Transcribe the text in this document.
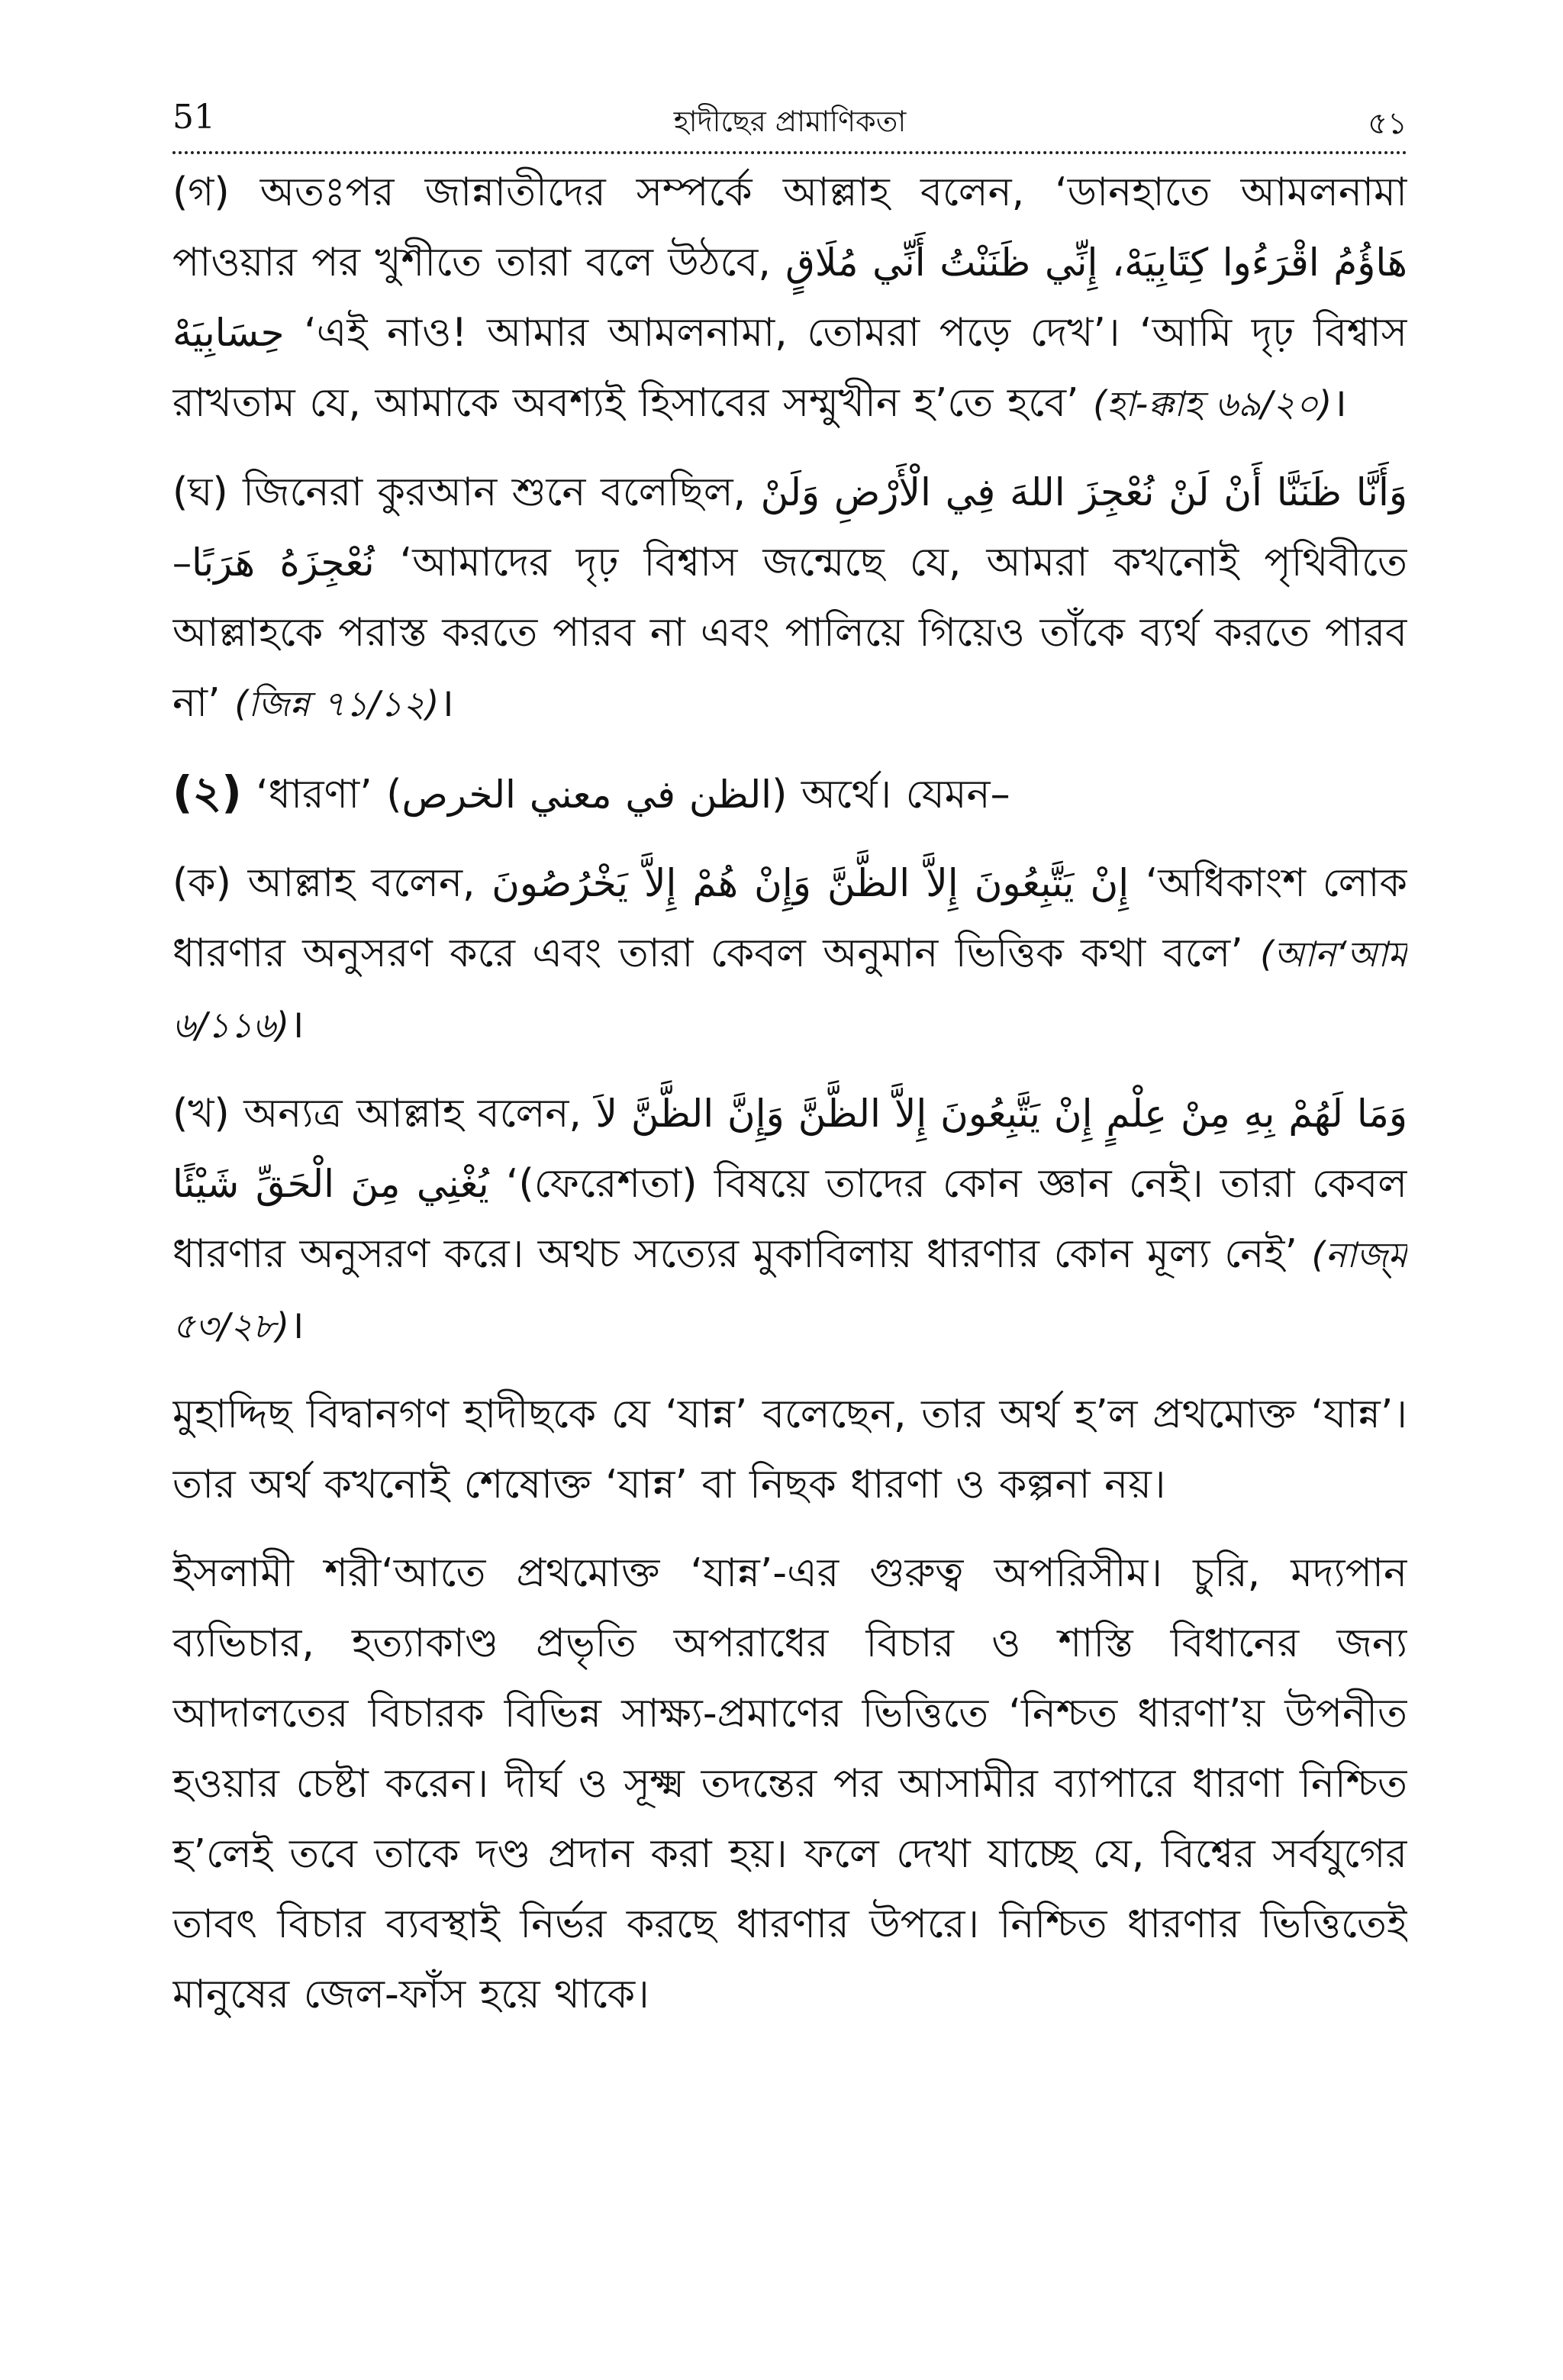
51	হাদীছের প্রামাণিকতা	৫১

(গ) অতঃপর জান্নাতীদের সম্পর্কে আল্লাহ বলেন, ‘ডানহাতে আমলনামা পাওয়ার পর খুশীতে তারা বলে উঠবে, هَاؤُمُ اقْرَءُوا كِتَابِيَهْ، إِنِّي ظَنَنْتُ أَنِّي مُلَاقٍ حِسَابِيَهْ ‘এই নাও! আমার আমলনামা, তোমরা পড়ে দেখ’। ‘আমি দৃঢ় বিশ্বাস রাখতাম যে, আমাকে অবশ্যই হিসাবের সম্মুখীন হ’তে হবে’ (হা-ক্কাহ ৬৯/২০)।

(ঘ) জিনেরা কুরআন শুনে বলেছিল, وَأَنَّا ظَنَنَّا أَنْ لَنْ نُعْجِزَ اللهَ فِي الْأَرْضِ وَلَنْ نُعْجِزَهُ هَرَبًا– ‘আমাদের দৃঢ় বিশ্বাস জন্মেছে যে, আমরা কখনোই পৃথিবীতে আল্লাহকে পরাস্ত করতে পারব না এবং পালিয়ে গিয়েও তাঁকে ব্যর্থ করতে পারব না’ (জিন্ন ৭১/১২)।

(২) ‘ধারণা’ (الظن في معني الخرص) অর্থে। যেমন–

(ক) আল্লাহ বলেন, إِنْ يَتَّبِعُونَ إِلاَّ الظَّنَّ وَإِنْ هُمْ إِلاَّ يَخْرُصُونَ ‘অধিকাংশ লোক ধারণার অনুসরণ করে এবং তারা কেবল অনুমান ভিত্তিক কথা বলে’ (আন‘আম ৬/১১৬)।

(খ) অন্যত্র আল্লাহ বলেন, وَمَا لَهُمْ بِهِ مِنْ عِلْمٍ إِنْ يَتَّبِعُونَ إِلاَّ الظَّنَّ وَإِنَّ الظَّنَّ لاَ يُغْنِي مِنَ الْحَقِّ شَيْئًا ‘(ফেরেশতা) বিষয়ে তাদের কোন জ্ঞান নেই। তারা কেবল ধারণার অনুসরণ করে। অথচ সত্যের মুকাবিলায় ধারণার কোন মূল্য নেই’ (নাজ্ম ৫৩/২৮)।

মুহাদ্দিছ বিদ্বানগণ হাদীছকে যে ‘যান্ন’ বলেছেন, তার অর্থ হ’ল প্রথমোক্ত ‘যান্ন’। তার অর্থ কখনোই শেষোক্ত ‘যান্ন’ বা নিছক ধারণা ও কল্পনা নয়।

ইসলামী শরী‘আতে প্রথমোক্ত ‘যান্ন’-এর গুরুত্ব অপরিসীম। চুরি, মদ্যপান ব্যভিচার, হত্যাকাণ্ড প্রভৃতি অপরাধের বিচার ও শাস্তি বিধানের জন্য আদালতের বিচারক বিভিন্ন সাক্ষ্য-প্রমাণের ভিত্তিতে ‘নিশ্চত ধারণা’য় উপনীত হওয়ার চেষ্টা করেন। দীর্ঘ ও সূক্ষ্ম তদন্তের পর আসামীর ব্যাপারে ধারণা নিশ্চিত হ’লেই তবে তাকে দণ্ড প্রদান করা হয়। ফলে দেখা যাচ্ছে যে, বিশ্বের সর্বযুগের তাবৎ বিচার ব্যবস্থাই নির্ভর করছে ধারণার উপরে। নিশ্চিত ধারণার ভিত্তিতেই মানুষের জেল-ফাঁস হয়ে থাকে।
